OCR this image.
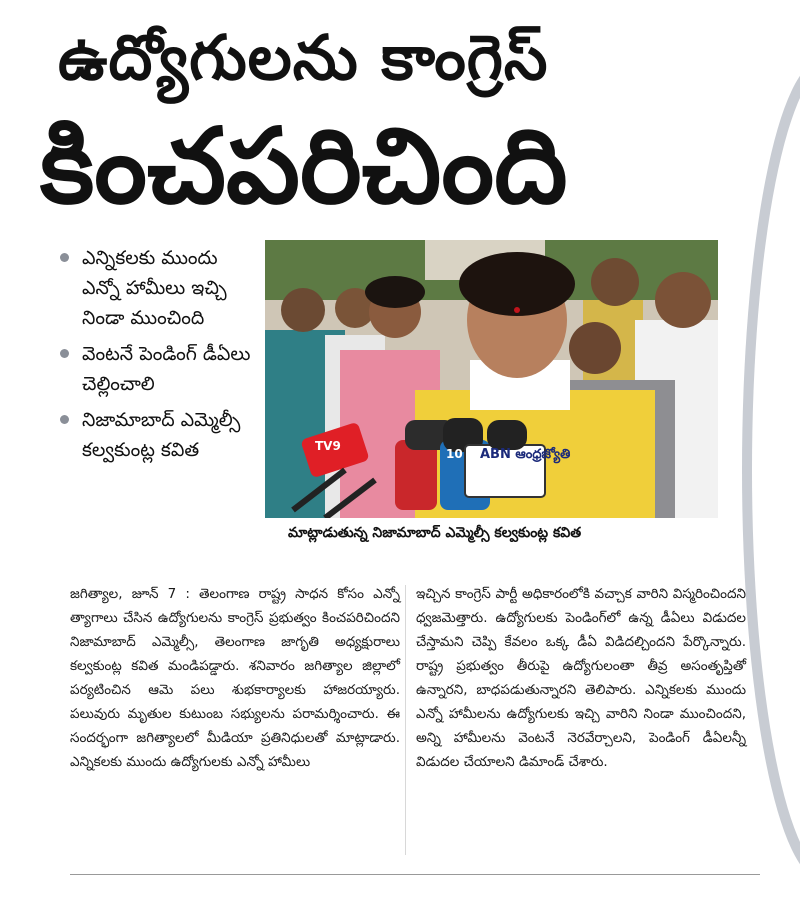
ఉద్యోగులను కాంగ్రెస్
కించపరిచింది
ఎన్నికలకు ముందు ఎన్నో హామీలు ఇచ్చి నిండా ముంచింది
వెంటనే పెండింగ్ డీఏలు చెల్లించాలి
నిజామాబాద్ ఎమ్మెల్సీ కల్వకుంట్ల కవిత	ABN ఆంధ్రజ్యోతి
10
TV9
మాట్లాడుతున్న నిజామాబాద్ ఎమ్మెల్సీ కల్వకుంట్ల కవిత

జగిత్యాల, జూన్ 7 : తెలంగాణ రాష్ట్ర సాధన కోసం ఎన్నో త్యాగాలు చేసిన ఉద్యోగులను కాంగ్రెస్ ప్రభుత్వం కించపరిచిందని నిజామాబాద్ ఎమ్మెల్సీ, తెలంగాణ జాగృతి అధ్యక్షురాలు కల్వకుంట్ల కవిత మండిపడ్డారు. శనివారం జగిత్యాల జిల్లాలో పర్యటించిన ఆమె పలు శుభకార్యాలకు హాజరయ్యారు. పలువురు మృతుల కుటుంబ సభ్యులను పరామర్శించారు. ఈ సందర్భంగా జగిత్యాలలో మీడియా ప్రతినిధులతో మాట్లాడారు. ఎన్నికలకు ముందు ఉద్యోగులకు ఎన్నో హామీలు

ఇచ్చిన కాంగ్రెస్ పార్టీ అధికారంలోకి వచ్చాక వారిని విస్మరించిందని ధ్వజమెత్తారు. ఉద్యోగులకు పెండింగ్‌లో ఉన్న డీఏలు విడుదల చేస్తామని చెప్పి కేవలం ఒక్క డీఏ విడిదల్చిందని పేర్కొన్నారు. రాష్ట్ర ప్రభుత్వం తీరుపై ఉద్యోగులంతా తీవ్ర అసంతృప్తితో ఉన్నారని, బాధపడుతున్నారని తెలిపారు. ఎన్నికలకు ముందు ఎన్నో హామీలను ఉద్యోగులకు ఇచ్చి వారిని నిండా ముంచిందని, అన్ని హామీలను వెంటనే నెరవేర్చాలని, పెండింగ్ డీఏలన్నీ విడుదల చేయాలని డిమాండ్ చేశారు.
